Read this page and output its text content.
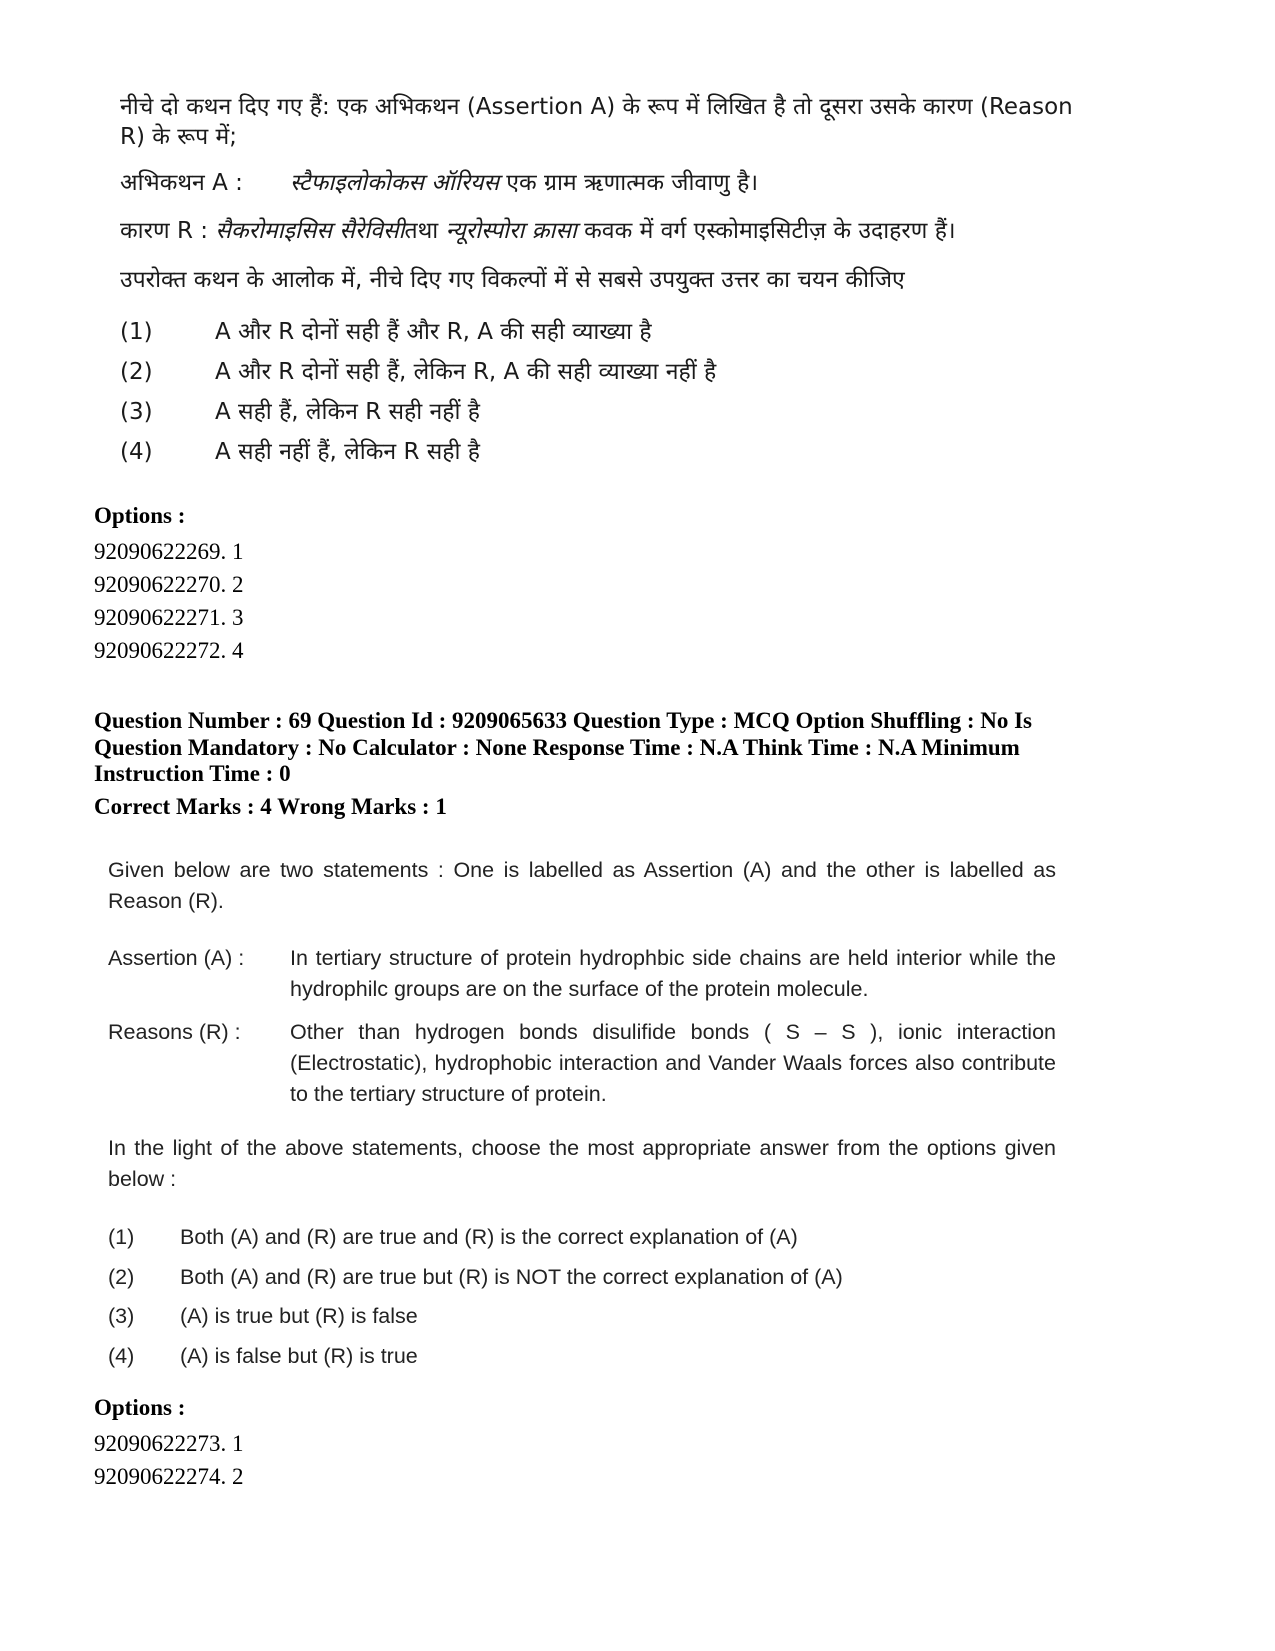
नीचे दो कथन दिए गए हैं: एक अभिकथन (Assertion A) के रूप में लिखित है तो दूसरा उसके कारण (Reason R) के रूप में;
अभिकथन A : स्टैफाइलोकोकस ऑरियस एक ग्राम ऋणात्मक जीवाणु है।
कारण R : सैकरोमाइसिस सैरेविसीतथा न्यूरोस्पोरा क्रासा कवक में वर्ग एस्कोमाइसिटीज़ के उदाहरण हैं।
उपरोक्त कथन के आलोक में, नीचे दिए गए विकल्पों में से सबसे उपयुक्त उत्तर का चयन कीजिए
(1)	A और R दोनों सही हैं और R, A की सही व्याख्या है
(2)	A और R दोनों सही हैं, लेकिन R, A की सही व्याख्या नहीं है
(3)	A सही हैं, लेकिन R सही नहीं है
(4)	A सही नहीं हैं, लेकिन R सही है
Options :
92090622269. 1
92090622270. 2
92090622271. 3
92090622272. 4
Question Number : 69 Question Id : 9209065633 Question Type : MCQ Option Shuffling : No Is
Question Mandatory : No Calculator : None Response Time : N.A Think Time : N.A Minimum
Instruction Time : 0
Correct Marks : 4 Wrong Marks : 1
Given below are two statements : One is labelled as Assertion (A) and the other is labelled as Reason (R).
Assertion (A) : In tertiary structure of protein hydrophbic side chains are held interior while the hydrophilc groups are on the surface of the protein molecule.
Reasons (R) : Other than hydrogen bonds disulifide bonds ( S – S ), ionic interaction (Electrostatic), hydrophobic interaction and Vander Waals forces also contribute to the tertiary structure of protein.
In the light of the above statements, choose the most appropriate answer from the options given below :
(1) Both (A) and (R) are true and (R) is the correct explanation of (A)
(2) Both (A) and (R) are true but (R) is NOT the correct explanation of (A)
(3) (A) is true but (R) is false
(4) (A) is false but (R) is true
Options :
92090622273. 1
92090622274. 2
